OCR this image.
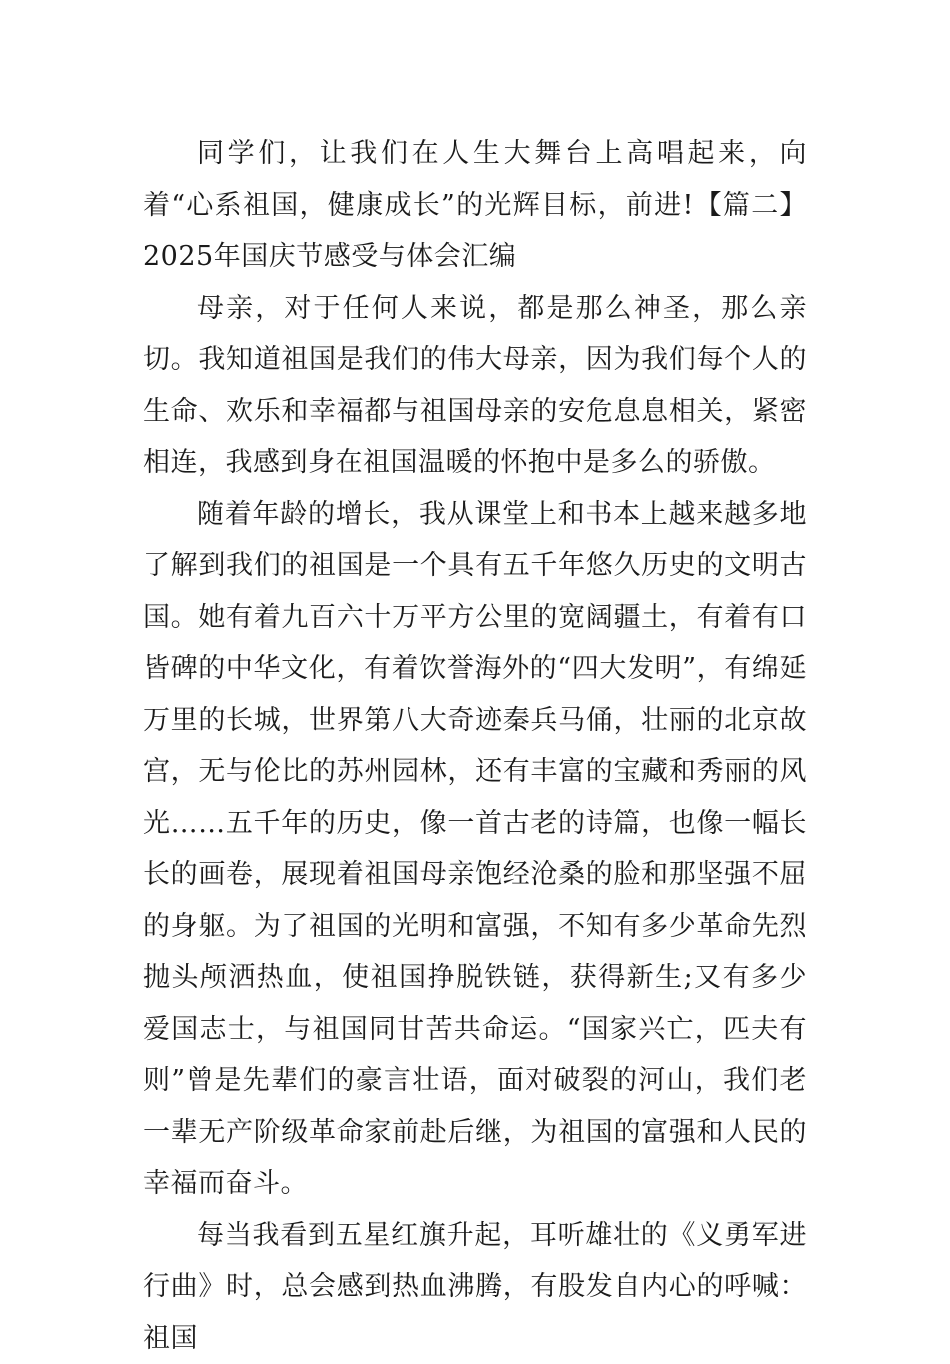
同学们，让我们在人生大舞台上高唱起来，向着“心系祖国，健康成长”的光辉目标，前进!【篇二】2025年国庆节感受与体会汇编

母亲，对于任何人来说，都是那么神圣，那么亲切。我知道祖国是我们的伟大母亲，因为我们每个人的生命、欢乐和幸福都与祖国母亲的安危息息相关，紧密相连，我感到身在祖国温暖的怀抱中是多么的骄傲。

随着年龄的增长，我从课堂上和书本上越来越多地了解到我们的祖国是一个具有五千年悠久历史的文明古国。她有着九百六十万平方公里的宽阔疆土，有着有口皆碑的中华文化，有着饮誉海外的“四大发明”，有绵延万里的长城，世界第八大奇迹秦兵马俑，壮丽的北京故宫，无与伦比的苏州园林，还有丰富的宝藏和秀丽的风光……五千年的历史，像一首古老的诗篇，也像一幅长长的画卷，展现着祖国母亲饱经沧桑的脸和那坚强不屈的身躯。为了祖国的光明和富强，不知有多少革命先烈抛头颅洒热血，使祖国挣脱铁链，获得新生;又有多少爱国志士，与祖国同甘苦共命运。“国家兴亡，匹夫有则”曾是先辈们的豪言壮语，面对破裂的河山，我们老一辈无产阶级革命家前赴后继，为祖国的富强和人民的幸福而奋斗。

每当我看到五星红旗升起，耳听雄壮的《义勇军进行曲》时，总会感到热血沸腾，有股发自内心的呼喊：祖国
